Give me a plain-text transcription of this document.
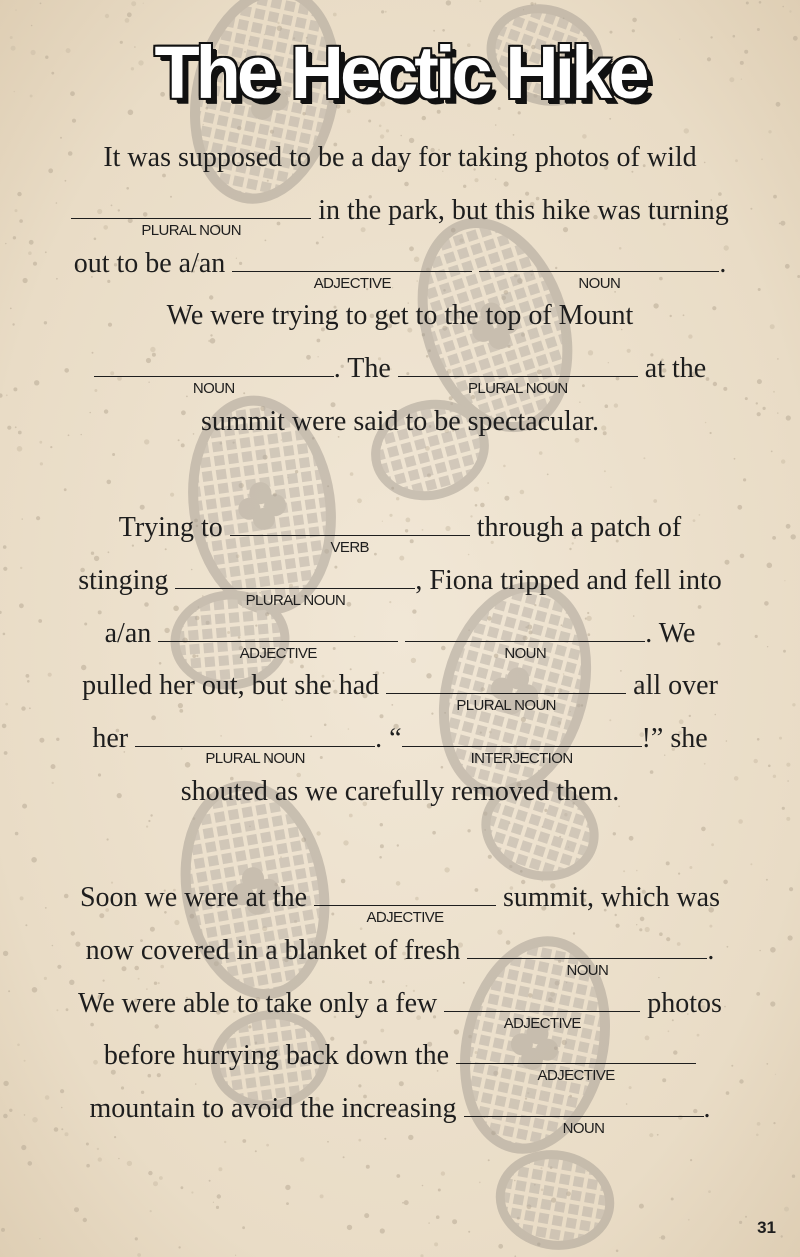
The Hectic Hike
It was supposed to be a day for taking photos of wild
PLURAL NOUN
in the park, but this hike was turning
out to be a/an
ADJECTIVE
	NOUN
.
We were trying to get to the top of Mount
NOUN
. The
PLURAL NOUN
at the
summit were said to be spectacular.
Trying to
VERB
through a patch of
stinging
PLURAL NOUN
, Fiona tripped and fell into
a/an
ADJECTIVE
	NOUN
. We
pulled her out, but she had
PLURAL NOUN
all over
her
PLURAL NOUN
. “
INTERJECTION
!” she
shouted as we carefully removed them.
Soon we were at the
ADJECTIVE
summit, which was
now covered in a blanket of fresh
NOUN
.
We were able to take only a few
ADJECTIVE
photos
before hurrying back down the
ADJECTIVE
mountain to avoid the increasing
NOUN
.
31
